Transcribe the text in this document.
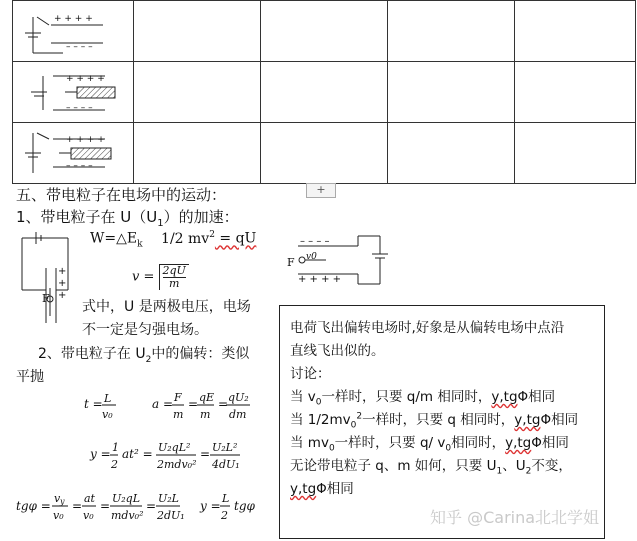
+ + + +
– – – –
+ + + +
– – – –
+ + + +
– – – –
+
五、带电粒子在电场中的运动：
1、带电粒子在 $U(U_1)$的加速：
+
+
+
F
$W=\triangle E_k$ 1/2 $mv^2$ = qU
$v = \frac{2qU}{m}$
式中，U 是两极电压，电场
不一定是匀强电场。
2、带电粒子在 $U_2$中的偏转：类似
平抛
– – – –
+ + + +
F v0
t = L
v₀
a = F
m
= qE
m
= qU₂
dm
y = 1
2
at² = U₂qL²
2mdv₀²
= U₂L²
4dU₁
tgφ =
v y
v₀
=
at
v₀
=
U₂qL
mdv₀²
=
U₂L
2dU₁
y =
L
2
tgφ

电荷飞出偏转电场时,好象是从偏转电场中点沿

直线飞出似的。

讨论：

当 $v_0$一样时，只要 q/m 相同时，y,tgΦ相同

当 $1/2mv_0^2$一样时，只要 q 相同时，y,tgΦ相同

当 $mv_0$一样时，只要 q/ $v_0$相同时，y,tgΦ相同

无论带电粒子 q、m 如何，只要 $U_1$、$U_2$不变，

y,tgΦ相同

知乎 @Carina北北学姐
